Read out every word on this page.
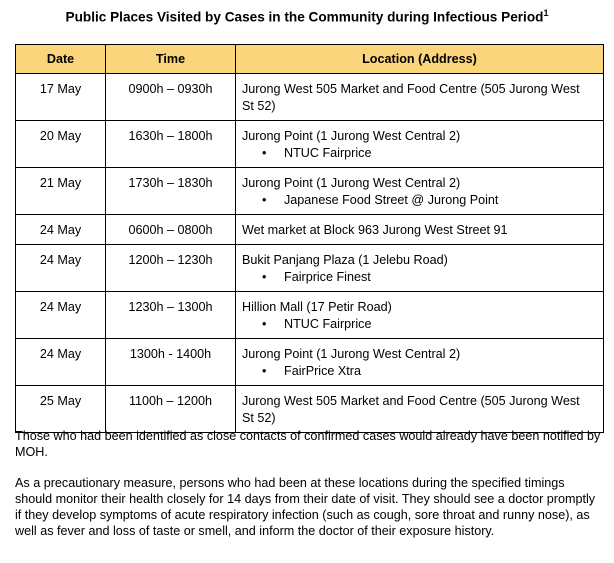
Public Places Visited by Cases in the Community during Infectious Period$^1$
Date	Time	Location (Address)
17 May	0900h – 0930h	Jurong West 505 Market and Food Centre (505 Jurong West St 52)

20 May	1630h – 1800h	Jurong Point (1 Jurong West Central 2)
• NTUC Fairprice

21 May	1730h – 1830h	Jurong Point (1 Jurong West Central 2)
• Japanese Food Street @ Jurong Point

24 May	0600h – 0800h	Wet market at Block 963 Jurong West Street 91

24 May	1200h – 1230h	Bukit Panjang Plaza (1 Jelebu Road)
• Fairprice Finest

24 May	1230h – 1300h	Hillion Mall (17 Petir Road)
• NTUC Fairprice

24 May	1300h - 1400h	Jurong Point (1 Jurong West Central 2)
• FairPrice Xtra

25 May	1100h – 1200h	Jurong West 505 Market and Food Centre (505 Jurong West St 52)
Those who had been identified as close contacts of confirmed cases would already have been notified by MOH.
As a precautionary measure, persons who had been at these locations during the specified timings should monitor their health closely for 14 days from their date of visit. They should see a doctor promptly if they develop symptoms of acute respiratory infection (such as cough, sore throat and runny nose), as well as fever and loss of taste or smell, and inform the doctor of their exposure history.
